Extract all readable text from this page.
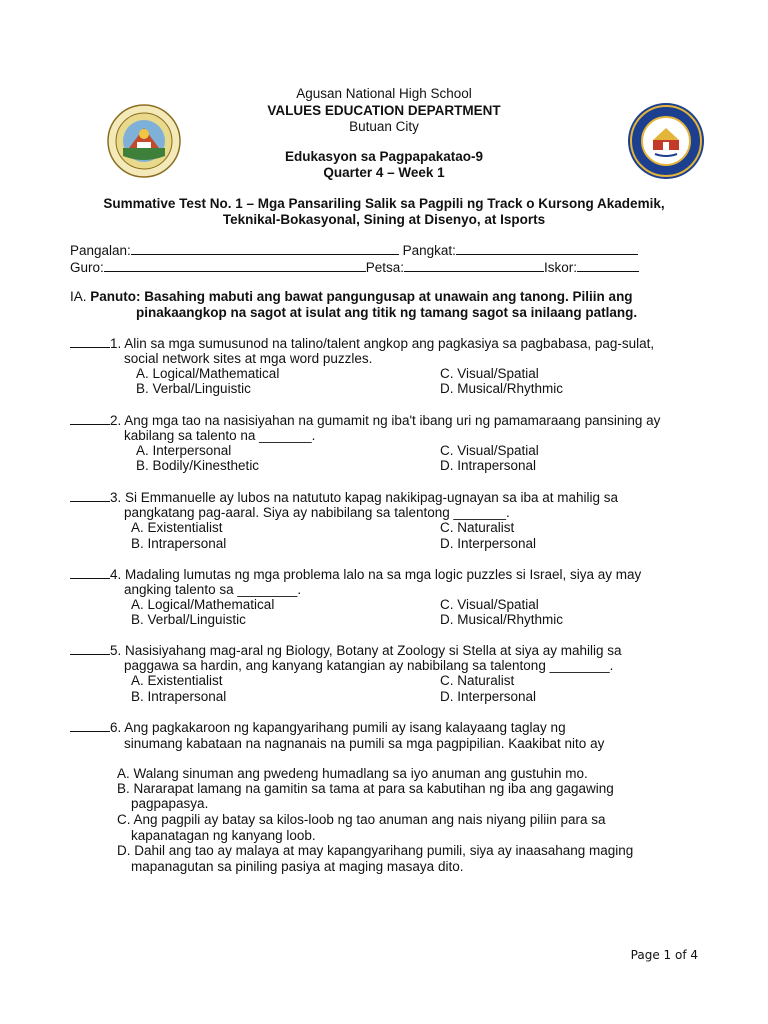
Agusan National High School
VALUES EDUCATION DEPARTMENT
Butuan City
Edukasyon sa Pagpapakatao-9
Quarter 4 – Week 1
Summative Test No. 1 – Mga Pansariling Salik sa Pagpili ng Track o Kursong Akademik,
Teknikal-Bokasyonal, Sining at Disenyo, at Isports
Pangalan:	Pangkat:
Guro:	Petsa:	Iskor:
IA. Panuto: Basahing mabuti ang bawat pangungusap at unawain ang tanong. Piliin ang
pinakaangkop na sagot at isulat ang titik ng tamang sagot sa inilaang patlang.
1. Alin sa mga sumusunod na talino/talent angkop ang pagkasiya sa pagbabasa, pag-sulat,
social network sites at mga word puzzles.
A. Logical/Mathematical
B. Verbal/Linguistic
C. Visual/Spatial
D. Musical/Rhythmic
2. Ang mga tao na nasisiyahan na gumamit ng iba't ibang uri ng pamamaraang pansining ay
kabilang sa talento na _______.
A. Interpersonal
B. Bodily/Kinesthetic
C. Visual/Spatial
D. Intrapersonal
3. Si Emmanuelle ay lubos na natututo kapag nakikipag-ugnayan sa iba at mahilig sa
pangkatang pag-aaral. Siya ay nabibilang sa talentong _______.
A. Existentialist
B. Intrapersonal
C. Naturalist
D. Interpersonal
4. Madaling lumutas ng mga problema lalo na sa mga logic puzzles si Israel, siya ay may
angking talento sa ________.
A. Logical/Mathematical
B. Verbal/Linguistic
C. Visual/Spatial
D. Musical/Rhythmic
5. Nasisiyahang mag-aral ng Biology, Botany at Zoology si Stella at siya ay mahilig sa
paggawa sa hardin, ang kanyang katangian ay nabibilang sa talentong ________.
A. Existentialist
B. Intrapersonal
C. Naturalist
D. Interpersonal
6. Ang pagkakaroon ng kapangyarihang pumili ay isang kalayaang taglay ng
sinumang kabataan na nagnanais na pumili sa mga pagpipilian. Kaakibat nito ay
A. Walang sinuman ang pwedeng humadlang sa iyo anuman ang gustuhin mo.
B. Nararapat lamang na gamitin sa tama at para sa kabutihan ng iba ang gagawing
pagpapasya.
C. Ang pagpili ay batay sa kilos-loob ng tao anuman ang nais niyang piliin para sa
kapanatagan ng kanyang loob.
D. Dahil ang tao ay malaya at may kapangyarihang pumili, siya ay inaasahang maging
mapanagutan sa piniling pasiya at maging masaya dito.
Page 1 of 4
